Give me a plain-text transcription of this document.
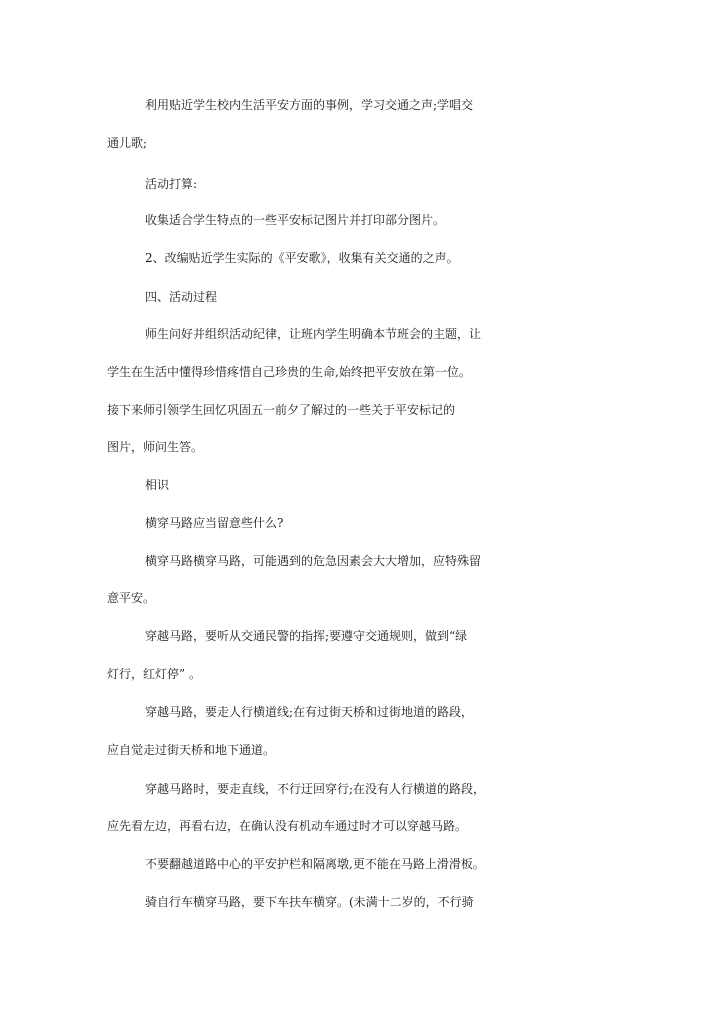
利用贴近学生校内生活平安方面的事例，学习交通之声;学唱交
通儿歌;
活动打算:
收集适合学生特点的一些平安标记图片并打印部分图片。
2、改编贴近学生实际的《平安歌》，收集有关交通的之声。
四、活动过程
师生问好并组织活动纪律，让班内学生明确本节班会的主题，让
学生在生活中懂得珍惜疼惜自己珍贵的生命,始终把平安放在第一位。
接下来师引领学生回忆巩固五一前夕了解过的一些关于平安标记的
图片，师问生答。
相识
横穿马路应当留意些什么?
横穿马路横穿马路，可能遇到的危急因素会大大增加，应特殊留
意平安。
穿越马路，要听从交通民警的指挥;要遵守交通规则，做到“绿
灯行，红灯停” 。
穿越马路，要走人行横道线;在有过街天桥和过街地道的路段，
应自觉走过街天桥和地下通道。
穿越马路时，要走直线，不行迂回穿行;在没有人行横道的路段，
应先看左边，再看右边，在确认没有机动车通过时才可以穿越马路。
不要翻越道路中心的平安护栏和隔离墩,更不能在马路上滑滑板。
骑自行车横穿马路，要下车扶车横穿。(未满十二岁的，不行骑
